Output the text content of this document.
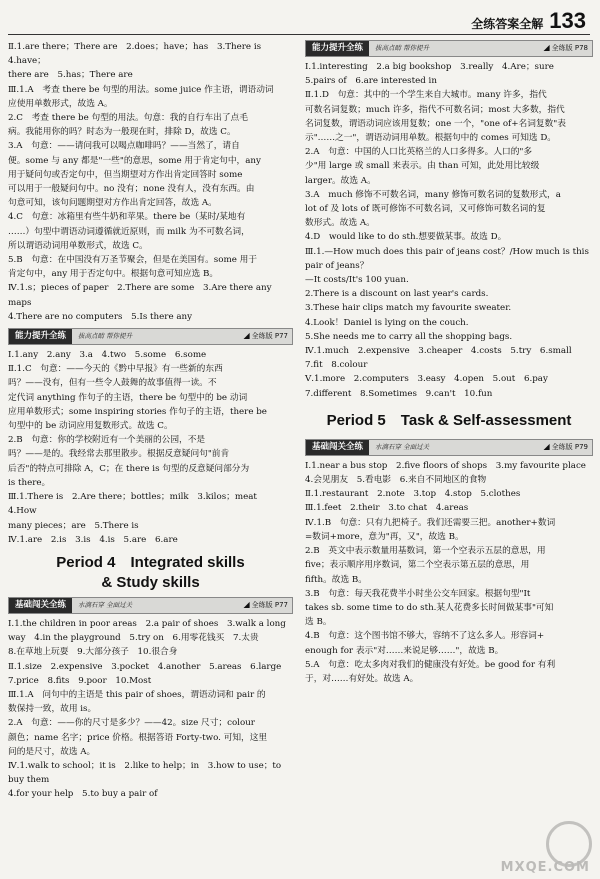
全练答案全解 133

Ⅱ.1.are there；There are　2.does；have；has　3.There is　4.have；

there are　5.has；There are

Ⅲ.1.A　考查 there be 句型的用法。some juice 作主语，谓语动词

应使用单数形式，故选 A。

2.C　考查 there be 句型的用法。句意：我的自行车出了点毛

病。我能用你的吗？时态为一般现在时，排除 D，故选 C。

3.A　句意：——请问我可以喝点咖啡吗？——当然了，请自

便。some 与 any 都是"一些"的意思，some 用于肯定句中，any

用于疑问句或否定句中，但当期望对方作出肯定回答时 some

可以用于一般疑问句中。no 没有；none 没有人，没有东西。由

句意可知，该句问题期望对方作出肯定回答，故选 A。

4.C　句意：冰箱里有些牛奶和苹果。there be（某时/某地有

……）句型中谓语动词遵循就近原则，而 milk 为不可数名词，

所以谓语动词用单数形式，故选 C。

5.B　句意：在中国没有万圣节聚会，但是在美国有。some 用于

肯定句中，any 用于否定句中。根据句意可知应选 B。

Ⅳ.1.s；pieces of paper　2.There are some　3.Are there any maps

4.There are no computers　5.Is there any

能力提升全练	拔高点睛 帮你提升	◢ 全练版 P77

Ⅰ.1.any　2.any　3.a　4.two　5.some　6.some

Ⅱ.1.C　句意：——今天的《黔中早报》有一些新的东西

吗？——没有，但有一些令人鼓舞的故事值得一读。不

定代词 anything 作句子的主语，there be 句型中的 be 动词

应用单数形式；some inspiring stories 作句子的主语，there be

句型中的 be 动词应用复数形式。故选 C。

2.B　句意：你的学校附近有一个美丽的公园，不是

吗？——是的。我经常去那里散步。根据反意疑问句"前肯

后否"的特点可排除 A，C；在 there is 句型的反意疑问部分为

is there。

Ⅲ.1.There is　2.Are there；bottles；milk　3.kilos；meat　4.How

many pieces；are　5.There is

Ⅳ.1.are　2.is　3.is　4.is　5.are　6.are

Period 4　Integrated skills
& Study skills
基础闯关全练	水滴石穿 全面过关	◢ 全练版 P77

Ⅰ.1.the children in poor areas　2.a pair of shoes　3.walk a long

way　4.in the playground　5.try on　6.用零花钱买　7.太贵

8.在草地上玩耍　9.大部分孩子　10.很合身

Ⅱ.1.size　2.expensive　3.pocket　4.another　5.areas　6.large

7.price　8.fits　9.poor　10.Most

Ⅲ.1.A　问句中的主语是 this pair of shoes，谓语动词和 pair 的

数保持一致，故用 is。

2.A　句意：——你的尺寸是多少？——42。size 尺寸；colour

颜色；name 名字；price 价格。根据答语 Forty-two. 可知，这里

问的是尺寸，故选 A。

Ⅳ.1.walk to school；it is　2.like to help；in　3.how to use；to buy them

4.for your help　5.to buy a pair of

能力提升全练	拔高点睛 帮你提升	◢ 全练版 P78

Ⅰ.1.interesting　2.a big bookshop　3.really　4.Are；sure

5.pairs of　6.are interested in

Ⅱ.1.D　句意：其中的一个学生来自大城市。many 许多，指代

可数名词复数；much 许多，指代不可数名词；most 大多数，指代

名词复数，谓语动词应该用复数；one 一个，"one of+名词复数"表

示"……之一"，谓语动词用单数。根据句中的 comes 可知选 D。

2.A　句意：中国的人口比英格兰的人口多得多。人口的"多

少"用 large 或 small 来表示。由 than 可知，此处用比较级

larger。故选 A。

3.A　much 修饰不可数名词，many 修饰可数名词的复数形式，a

lot of 及 lots of 既可修饰不可数名词，又可修饰可数名词的复

数形式。故选 A。

4.D　would like to do sth.想要做某事。故选 D。

Ⅲ.1.—How much does this pair of jeans cost？/How much is this

pair of jeans？

—It costs/It's 100 yuan.

2.There is a discount on last year's cards.

3.These hair clips match my favourite sweater.

4.Look！Daniel is lying on the couch.

5.She needs me to carry all the shopping bags.

Ⅳ.1.much　2.expensive　3.cheaper　4.costs　5.try　6.small

7.fit　8.colour

Ⅴ.1.more　2.computers　3.easy　4.open　5.out　6.pay

7.different　8.Sometimes　9.can't　10.fun

Period 5　Task & Self-assessment
基础闯关全练	水滴石穿 全面过关	◢ 全练版 P79

Ⅰ.1.near a bus stop　2.five floors of shops　3.my favourite place

4.会见朋友　5.看电影　6.来自不同地区的食物

Ⅱ.1.restaurant　2.note　3.top　4.stop　5.clothes

Ⅲ.1.feet　2.their　3.to chat　4.areas

Ⅳ.1.B　句意：只有九把椅子。我们还需要三把。another+数词

=数词+more，意为"再，又"，故选 B。

2.B　英文中表示数量用基数词，第一个空表示五层的意思，用

five；表示顺序用序数词，第二个空表示第五层的意思，用

fifth。故选 B。

3.B　句意：每天我花费半小时坐公交车回家。根据句型"It

takes sb. some time to do sth.某人花费多长时间做某事"可知

选 B。

4.B　句意：这个图书馆不够大，容纳不了这么多人。形容词+

enough for 表示"对……来说足够……"，故选 B。

5.A　句意：吃太多肉对我们的健康没有好处。be good for 有利

于，对……有好处。故选 A。

MXQE.COM
